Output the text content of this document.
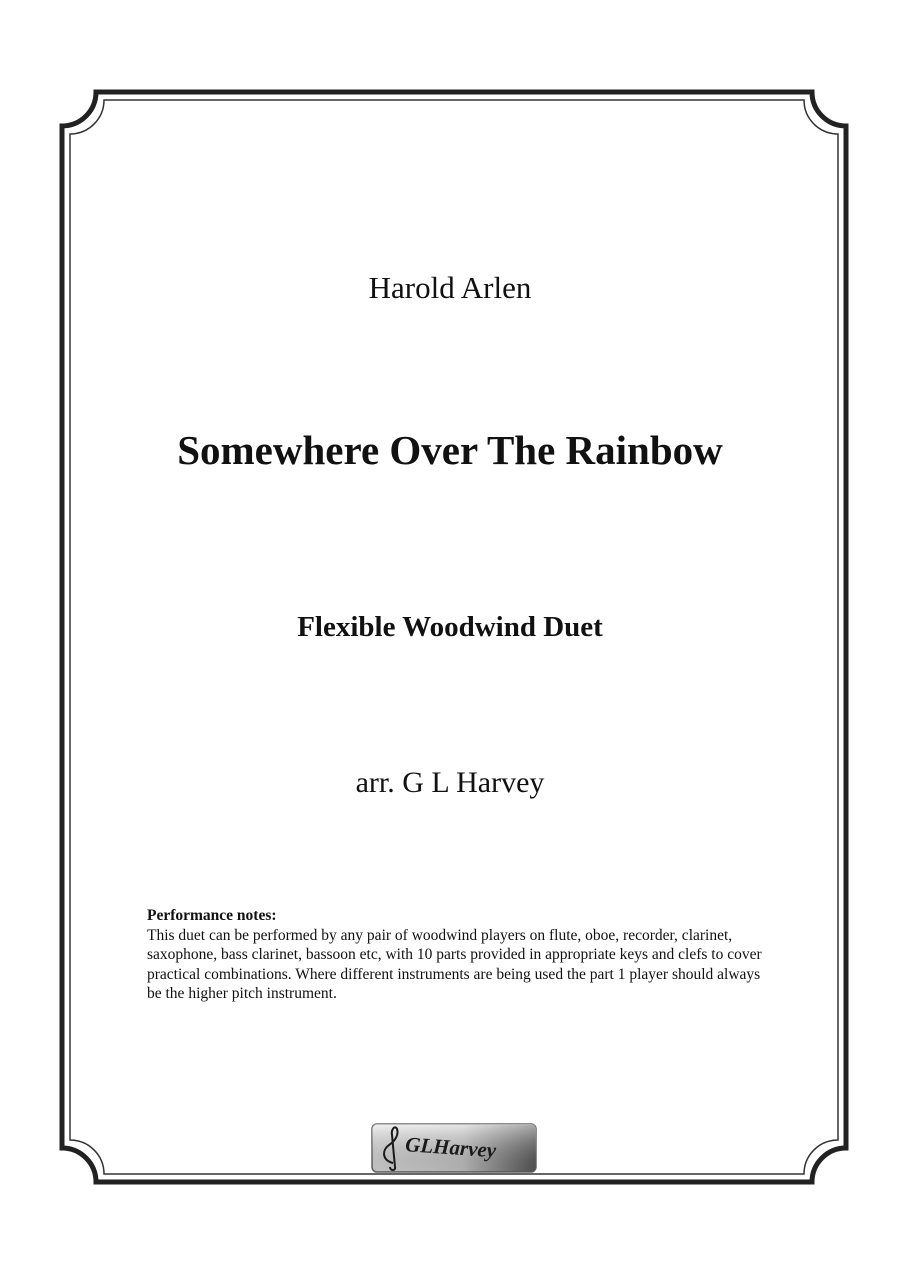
Harold Arlen
Somewhere Over The Rainbow
Flexible Woodwind Duet
arr. G L Harvey
Performance notes:
This duet can be performed by any pair of woodwind players on flute, oboe, recorder, clarinet, saxophone, bass clarinet, bassoon etc, with 10 parts provided in appropriate keys and clefs to cover practical combinations. Where different instruments are being used the part 1 player should always be the higher pitch instrument.
GLHarvey
